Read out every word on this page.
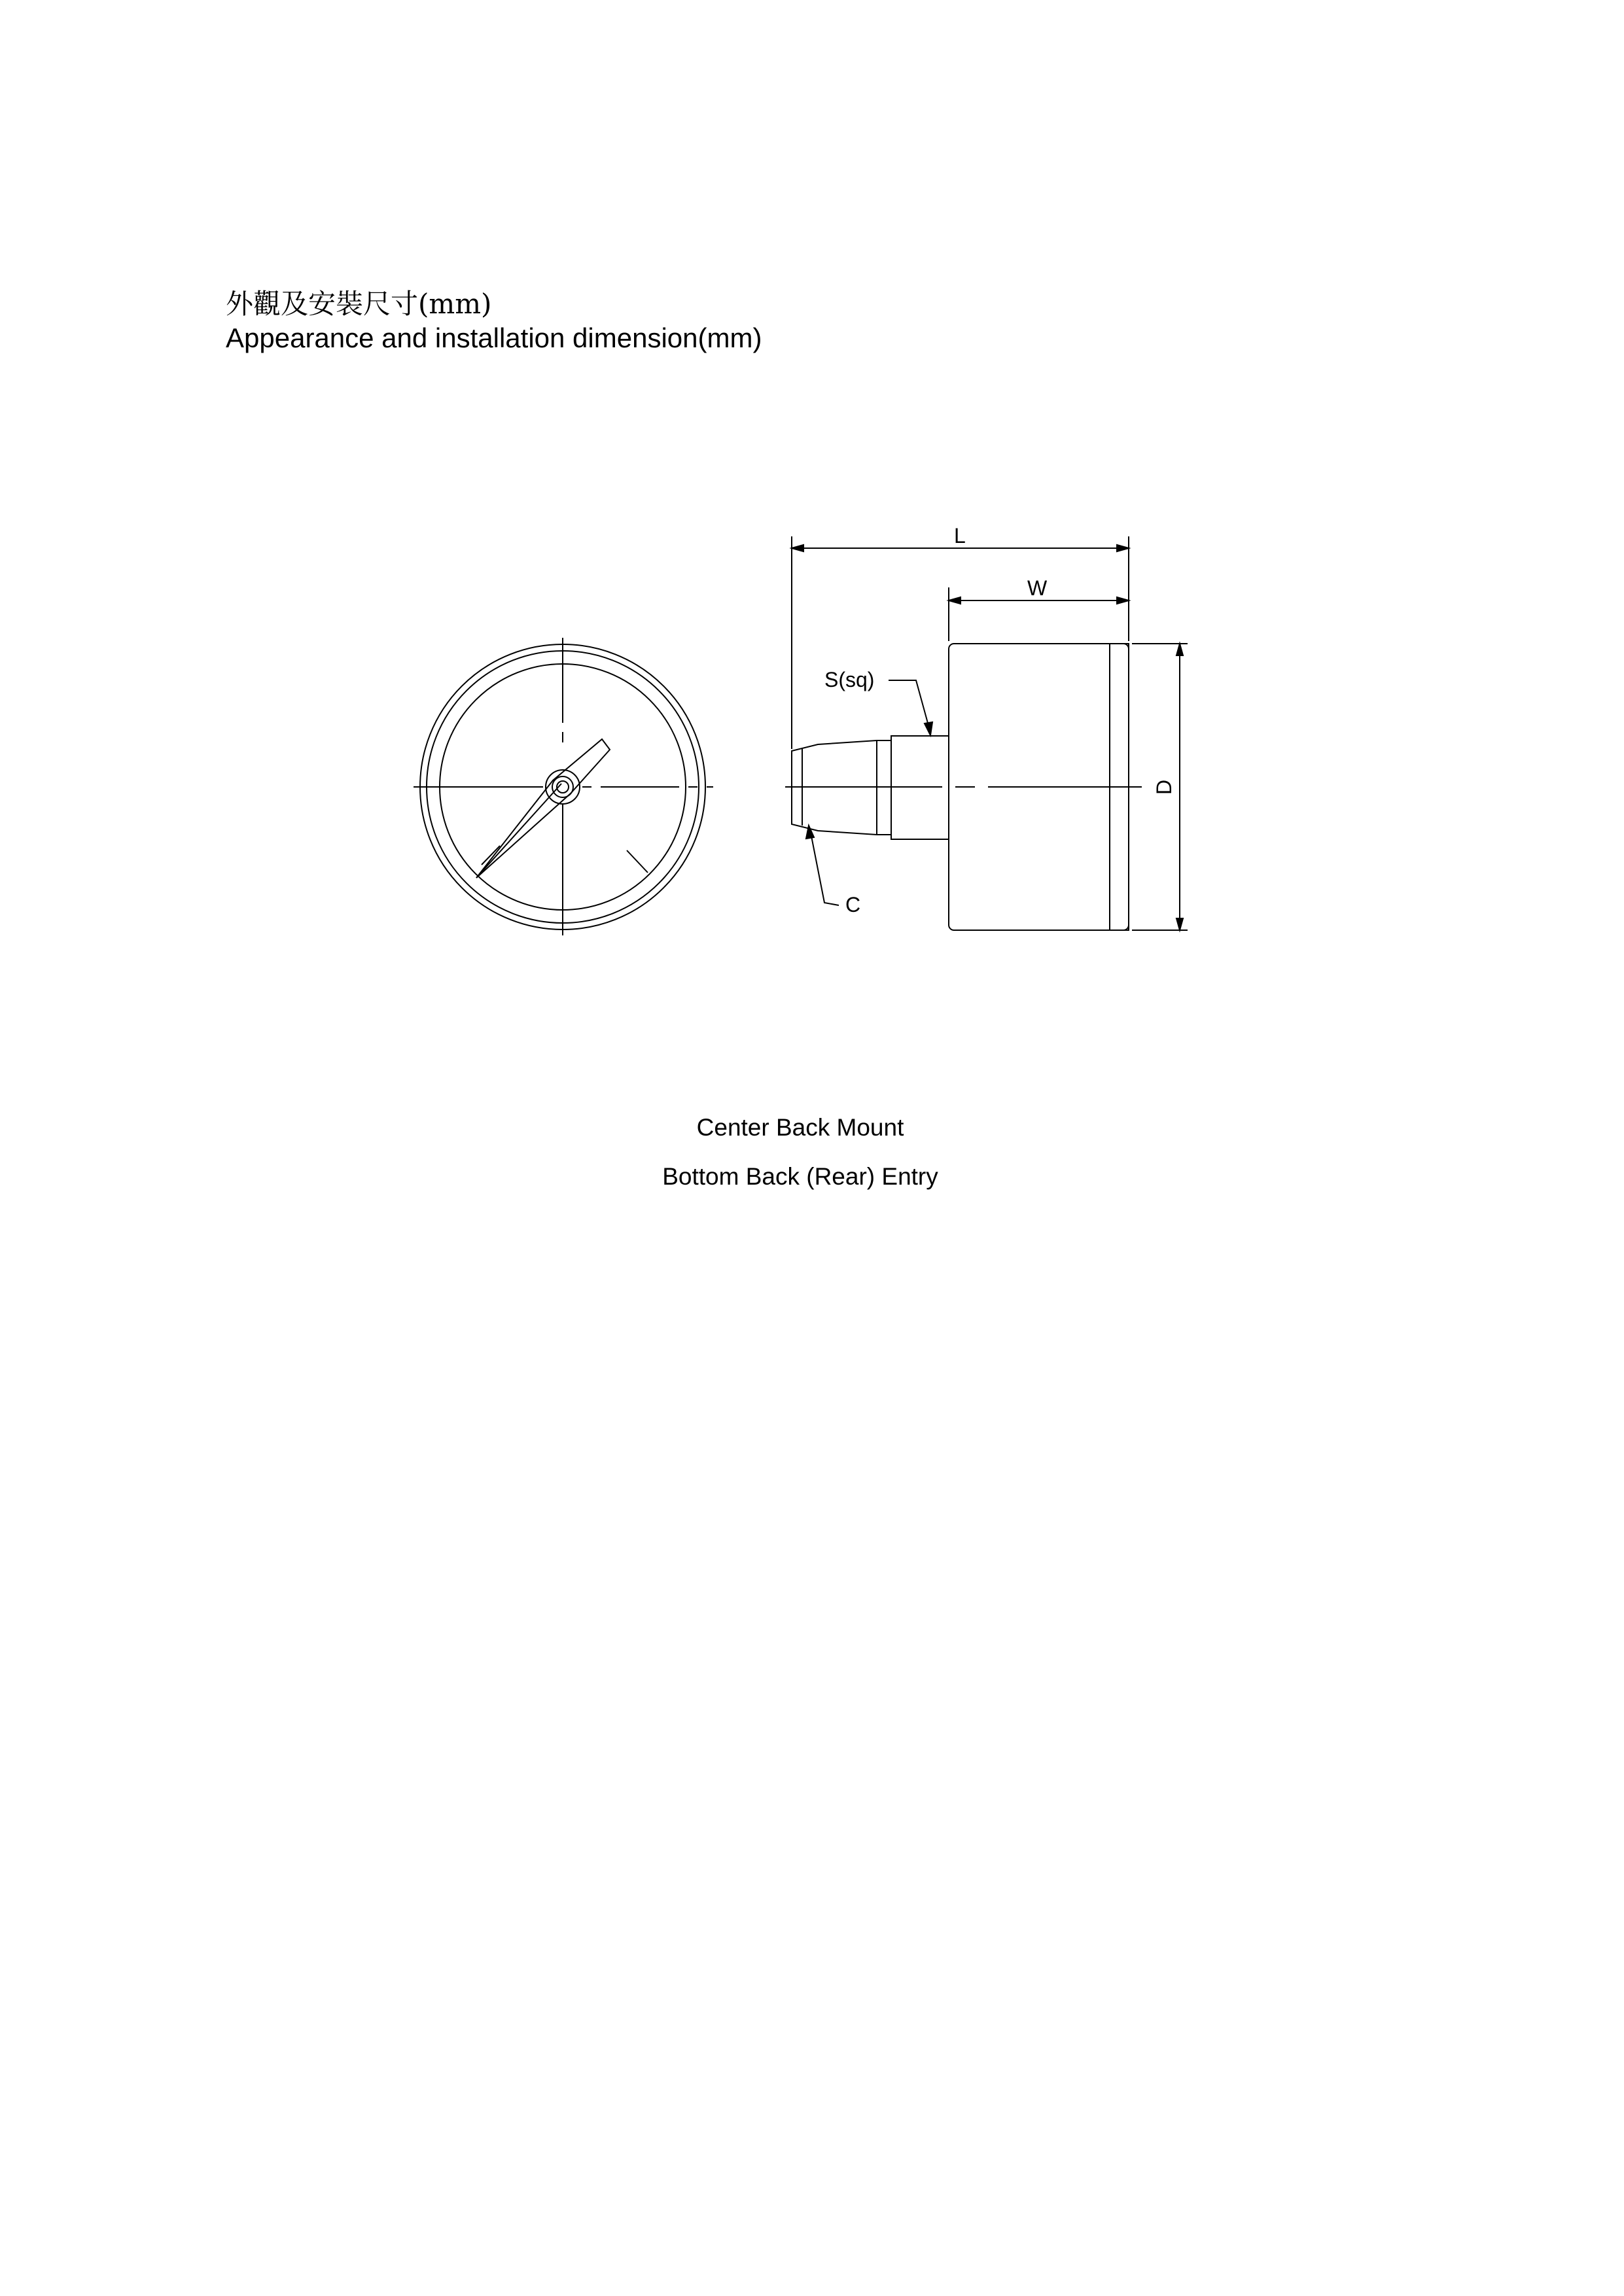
外觀及安裝尺寸(mm)
Appearance and installation dimension(mm)
L
W
S(sq)
C
D
Center Back Mount
Bottom Back (Rear) Entry
